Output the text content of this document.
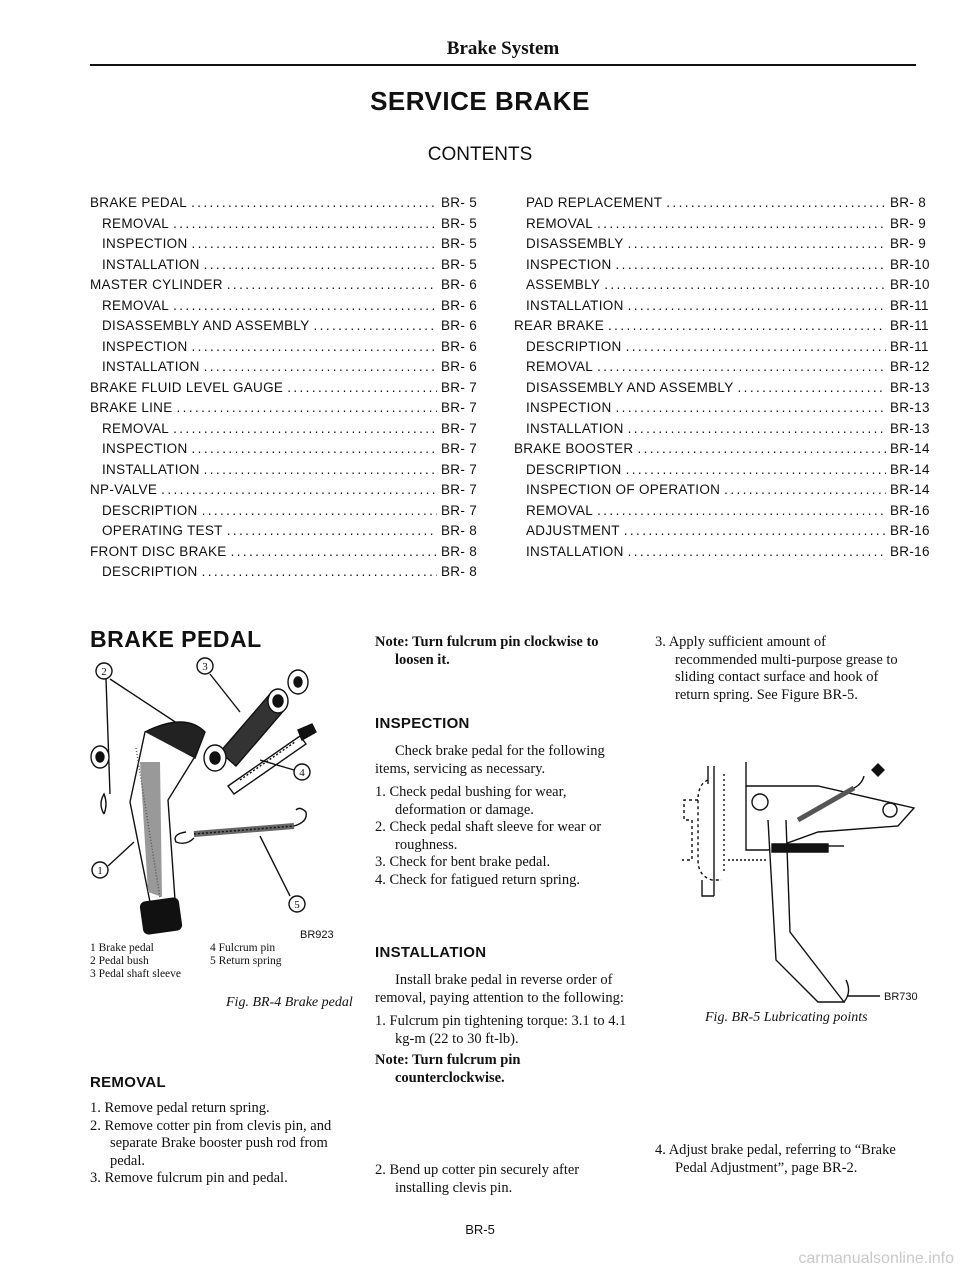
Brake System
SERVICE BRAKE
CONTENTS
BRAKE PEDAL .....	BR- 5
REMOVAL .....	BR- 5
INSPECTION .....	BR- 5
INSTALLATION .....	BR- 5
MASTER CYLINDER .....	BR- 6
REMOVAL .....	BR- 6
DISASSEMBLY AND ASSEMBLY .....	BR- 6
INSPECTION .....	BR- 6
INSTALLATION .....	BR- 6
BRAKE FLUID LEVEL GAUGE .....	BR- 7
BRAKE LINE .....	BR- 7
REMOVAL .....	BR- 7
INSPECTION .....	BR- 7
INSTALLATION .....	BR- 7
NP-VALVE .....	BR- 7
DESCRIPTION .....	BR- 7
OPERATING TEST .....	BR- 8
FRONT DISC BRAKE .....	BR- 8
DESCRIPTION .....	BR- 8
PAD REPLACEMENT .....	BR- 8
REMOVAL .....	BR- 9
DISASSEMBLY .....	BR- 9
INSPECTION .....	BR-10
ASSEMBLY .....	BR-10
INSTALLATION .....	BR-11
REAR BRAKE .....	BR-11
DESCRIPTION .....	BR-11
REMOVAL .....	BR-12
DISASSEMBLY AND ASSEMBLY .....	BR-13
INSPECTION .....	BR-13
INSTALLATION .....	BR-13
BRAKE BOOSTER .....	BR-14
DESCRIPTION .....	BR-14
INSPECTION OF OPERATION .....	BR-14
REMOVAL .....	BR-16
ADJUSTMENT .....	BR-16
INSTALLATION .....	BR-16
BRAKE PEDAL
2	3
4
1
5
BR923
1 Brake pedal
2 Pedal bush
3 Pedal shaft sleeve
4 Fulcrum pin
5 Return spring
Fig. BR-4 Brake pedal
REMOVAL

1. Remove pedal return spring.

2. Remove cotter pin from clevis pin, and separate Brake booster push rod from pedal.

3. Remove fulcrum pin and pedal.

Note: Turn fulcrum pin clockwise to loosen it.

INSPECTION

Check brake pedal for the following items, servicing as necessary.

1. Check pedal bushing for wear, deformation or damage.

2. Check pedal shaft sleeve for wear or roughness.

3. Check for bent brake pedal.

4. Check for fatigued return spring.

INSTALLATION

Install brake pedal in reverse order of removal, paying attention to the following:

1. Fulcrum pin tightening torque: 3.1 to 4.1 kg-m (22 to 30 ft-lb).

Note: Turn fulcrum pin counterclockwise.

2. Bend up cotter pin securely after installing clevis pin.

3. Apply sufficient amount of recommended multi-purpose grease to sliding contact surface and hook of return spring. See Figure BR-5.

BR730
Fig. BR-5 Lubricating points

4. Adjust brake pedal, referring to “Brake Pedal Adjustment”, page BR-2.

BR-5
carmanualsonline.info
